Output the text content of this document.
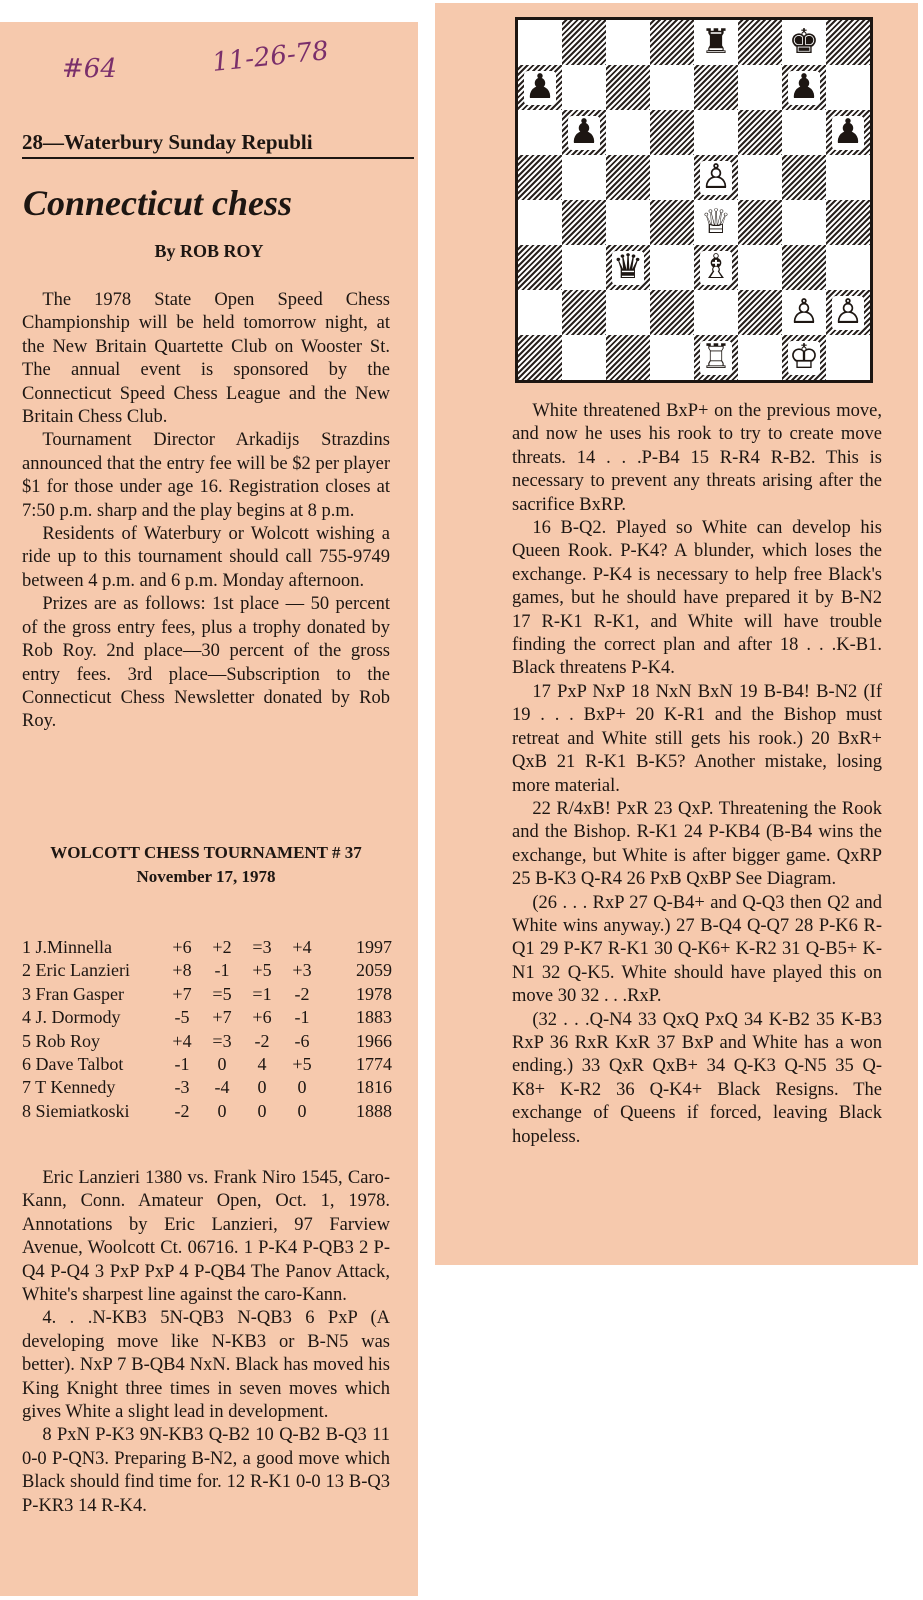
#64	11-26-78
28—Waterbury Sunday Republi
Connecticut chess
By ROB ROY

The 1978 State Open Speed Chess Championship will be held tomorrow night, at the New Britain Quartette Club on Wooster St. The annual event is sponsored by the Connecticut Speed Chess League and the New Britain Chess Club.

Tournament Director Arkadijs Strazdins announced that the entry fee will be $2 per player $1 for those under age 16. Registration closes at 7:50 p.m. sharp and the play begins at 8 p.m.

Residents of Waterbury or Wolcott wishing a ride up to this tournament should call 755-9749 between 4 p.m. and 6 p.m. Monday afternoon.

Prizes are as follows: 1st place — 50 percent of the gross entry fees, plus a trophy donated by Rob Roy. 2nd place—30 percent of the gross entry fees. 3rd place—Subscription to the Connecticut Chess Newsletter donated by Rob Roy.

WOLCOTT CHESS TOURNAMENT # 37
November 17, 1978
1 J.Minnella	+6	+2	=3	+4	1997
2 Eric Lanzieri	+8	-1	+5	+3	2059
3 Fran Gasper	+7	=5	=1	-2	1978
4 J. Dormody	-5	+7	+6	-1	1883
5 Rob Roy	+4	=3	-2	-6	1966
6 Dave Talbot	-1	0	4	+5	1774
7 T Kennedy	-3	-4	0	0	1816
8 Siemiatkoski	-2	0	0	0	1888

Eric Lanzieri 1380 vs. Frank Niro 1545, Caro-Kann, Conn. Amateur Open, Oct. 1, 1978. Annotations by Eric Lanzieri, 97 Farview Avenue, Woolcott Ct. 06716. 1 P-K4 P-QB3 2 P-Q4 P-Q4 3 PxP PxP 4 P-QB4 The Panov Attack, White's sharpest line against the caro-Kann.

4. . .N-KB3 5N-QB3 N-QB3 6 PxP (A developing move like N-KB3 or B-N5 was better). NxP 7 B-QB4 NxN. Black has moved his King Knight three times in seven moves which gives White a slight lead in development.

8 PxN P-K3 9N-KB3 Q-B2 10 Q-B2 B-Q3 11 0-0 P-QN3. Preparing B-N2, a good move which Black should find time for. 12 R-K1 0-0 13 B-Q3 P-KR3 14 R-K4.

♜ ♚
♟	♟
♟	♟
♙
♕
♛ ♗
♙ ♙
♖ ♔

White threatened BxP+ on the previous move, and now he uses his rook to try to create move threats. 14 . . .P-B4 15 R-R4 R-B2. This is necessary to prevent any threats arising after the sacrifice BxRP.

16 B-Q2. Played so White can develop his Queen Rook. P-K4? A blunder, which loses the exchange. P-K4 is necessary to help free Black's games, but he should have prepared it by B-N2 17 R-K1 R-K1, and White will have trouble finding the correct plan and after 18 . . .K-B1. Black threatens P-K4.

17 PxP NxP 18 NxN BxN 19 B-B4! B-N2 (If 19 . . . BxP+ 20 K-R1 and the Bishop must retreat and White still gets his rook.) 20 BxR+ QxB 21 R-K1 B-K5? Another mistake, losing more material.

22 R/4xB! PxR 23 QxP. Threatening the Rook and the Bishop. R-K1 24 P-KB4 (B-B4 wins the exchange, but White is after bigger game. QxRP 25 B-K3 Q-R4 26 PxB QxBP See Diagram.

(26 . . . RxP 27 Q-B4+ and Q-Q3 then Q2 and White wins anyway.) 27 B-Q4 Q-Q7 28 P-K6 R-Q1 29 P-K7 R-K1 30 Q-K6+ K-R2 31 Q-B5+ K-N1 32 Q-K5. White should have played this on move 30 32 . . .RxP.

(32 . . .Q-N4 33 QxQ PxQ 34 K-B2 35 K-B3 RxP 36 RxR KxR 37 BxP and White has a won ending.) 33 QxR QxB+ 34 Q-K3 Q-N5 35 Q-K8+ K-R2 36 Q-K4+ Black Resigns. The exchange of Queens if forced, leaving Black hopeless.
